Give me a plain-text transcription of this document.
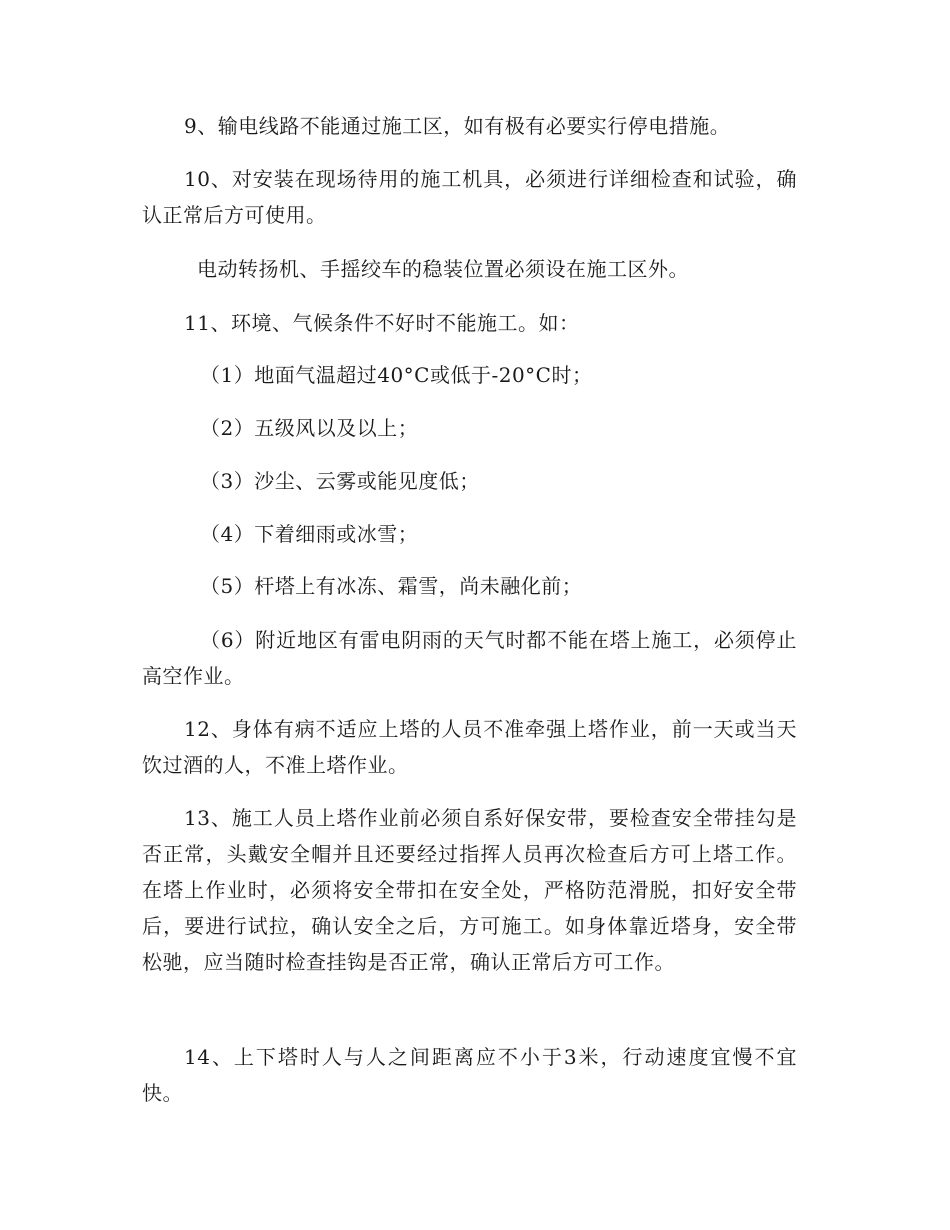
9、输电线路不能通过施工区，如有极有必要实行停电措施。

10、对安装在现场待用的施工机具，必须进行详细检查和试验，确认正常后方可使用。

电动转扬机、手摇绞车的稳装位置必须设在施工区外。

11、环境、气候条件不好时不能施工。如：

（1）地面气温超过40°C或低于-20°C时；

（2）五级风以及以上；

（3）沙尘、云雾或能见度低；

（4）下着细雨或冰雪；

（5）杆塔上有冰冻、霜雪，尚未融化前；

（6）附近地区有雷电阴雨的天气时都不能在塔上施工，必须停止高空作业。

12、身体有病不适应上塔的人员不准牵强上塔作业，前一天或当天饮过酒的人，不准上塔作业。

13、施工人员上塔作业前必须自系好保安带，要检查安全带挂勾是否正常，头戴安全帽并且还要经过指挥人员再次检查后方可上塔工作。在塔上作业时，必须将安全带扣在安全处，严格防范滑脱，扣好安全带后，要进行试拉，确认安全之后，方可施工。如身体靠近塔身，安全带松驰，应当随时检查挂钩是否正常，确认正常后方可工作。

14、上下塔时人与人之间距离应不小于3米，行动速度宜慢不宜快。
